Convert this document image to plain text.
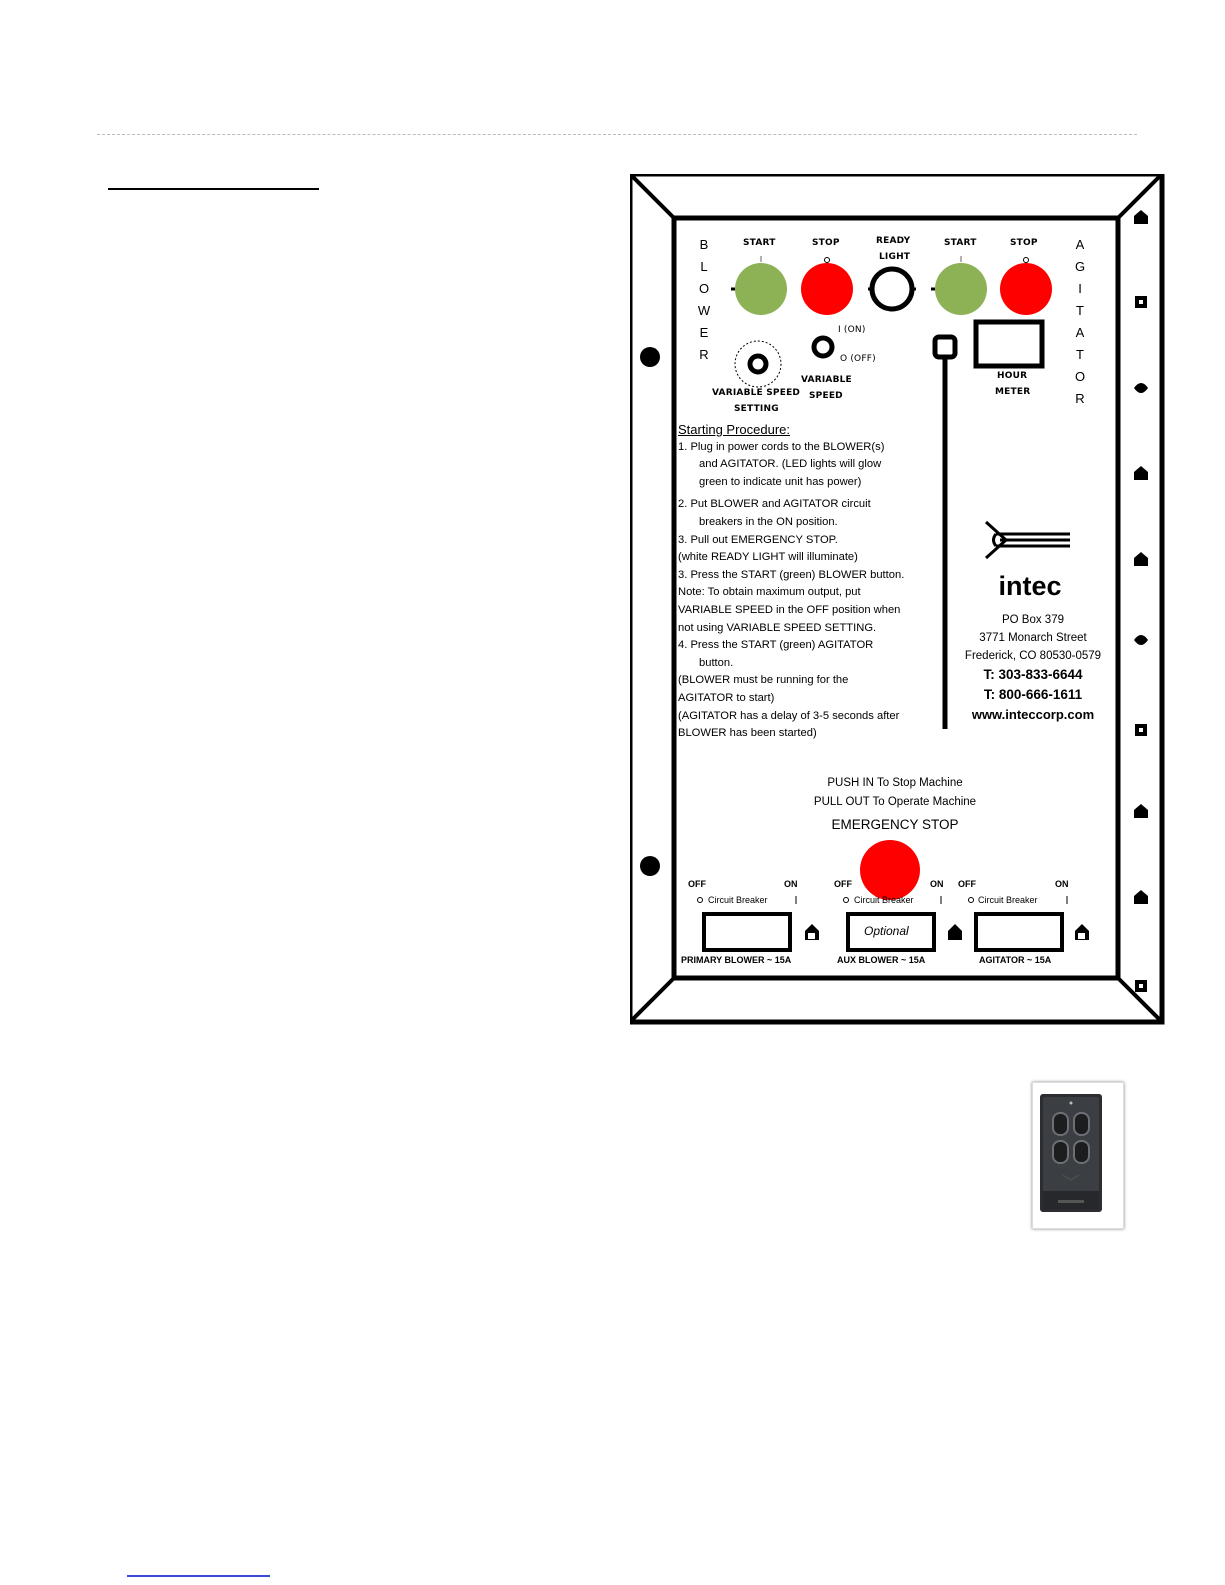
B
L
O
W
E
R
A
G
I
T
A
T
O
R
START	STOP	READY
LIGHT
START	STOP
I (ON)
O (OFF)
VARIABLE SPEED
SETTING
VARIABLE
SPEED
HOUR
METER
Starting Procedure:
1. Plug in power cords to the BLOWER(s)
and AGITATOR. (LED lights will glow
green to indicate unit has power)
2. Put BLOWER and AGITATOR circuit
breakers in the ON position.
3. Pull out EMERGENCY STOP.
(white READY LIGHT will illuminate)
3. Press the START (green) BLOWER button.
Note: To obtain maximum output, put
VARIABLE SPEED in the OFF position when
not using VARIABLE SPEED SETTING.
4. Press the START (green) AGITATOR
button.
(BLOWER must be running for the
AGITATOR to start)
(AGITATOR has a delay of 3-5 seconds after
BLOWER has been started)
intec
PO Box 379
3771 Monarch Street
Frederick, CO 80530-0579
T: 303-833-6644
T: 800-666-1611
www.inteccorp.com
PUSH IN To Stop Machine
PULL OUT To Operate Machine
EMERGENCY STOP
OFF	ON
Circuit Breaker
PRIMARY BLOWER ~ 15A
OFF	ON
Circuit Breaker
Optional
AUX BLOWER ~ 15A
OFF	ON
Circuit Breaker
AGITATOR ~ 15A
